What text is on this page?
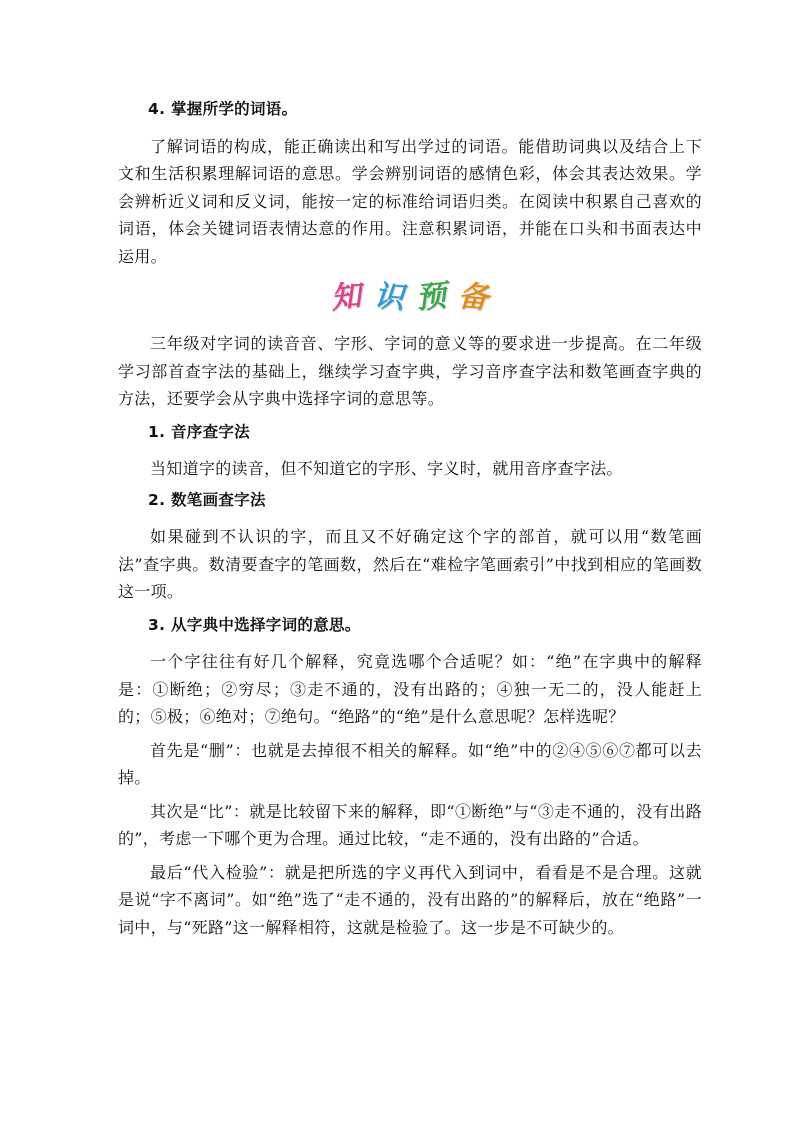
4. 掌握所学的词语。

了解词语的构成，能正确读出和写出学过的词语。能借助词典以及结合上下文和生活积累理解词语的意思。学会辨别词语的感情色彩，体会其表达效果。学会辨析近义词和反义词，能按一定的标准给词语归类。在阅读中积累自己喜欢的词语，体会关键词语表情达意的作用。注意积累词语，并能在口头和书面表达中运用。

知 识 预 备

三年级对字词的读音音、字形、字词的意义等的要求进一步提高。在二年级学习部首查字法的基础上，继续学习查字典，学习音序查字法和数笔画查字典的方法，还要学会从字典中选择字词的意思等。

1. 音序查字法

当知道字的读音，但不知道它的字形、字义时，就用音序查字法。

2. 数笔画查字法

如果碰到不认识的字，而且又不好确定这个字的部首，就可以用“数笔画法”查字典。数清要查字的笔画数，然后在“难检字笔画索引”中找到相应的笔画数这一项。

3. 从字典中选择字词的意思。

一个字往往有好几个解释，究竟选哪个合适呢？如：“绝”在字典中的解释是：①断绝；②穷尽；③走不通的，没有出路的；④独一无二的，没人能赶上的；⑤极；⑥绝对；⑦绝句。“绝路”的“绝”是什么意思呢？怎样选呢？

首先是“删”：也就是去掉很不相关的解释。如“绝”中的②④⑤⑥⑦都可以去掉。

其次是“比”：就是比较留下来的解释，即“①断绝”与“③走不通的，没有出路的”，考虑一下哪个更为合理。通过比较，“走不通的，没有出路的”合适。

最后“代入检验”：就是把所选的字义再代入到词中，看看是不是合理。这就是说“字不离词”。如“绝”选了“走不通的，没有出路的”的解释后，放在“绝路”一词中，与“死路”这一解释相符，这就是检验了。这一步是不可缺少的。
